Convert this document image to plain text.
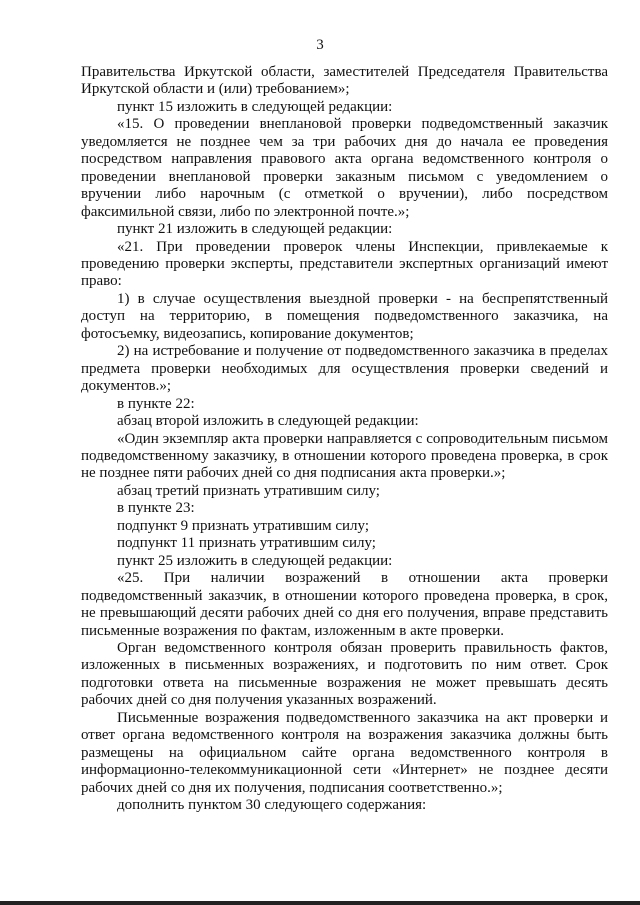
3

Правительства Иркутской области, заместителей Председателя Правительства Иркутской области и (или) требованием»;

пункт 15 изложить в следующей редакции:

«15. О проведении внеплановой проверки подведомственный заказчик уведомляется не позднее чем за три рабочих дня до начала ее проведения посредством направления правового акта органа ведомственного контроля о проведении внеплановой проверки заказным письмом с уведомлением о вручении либо нарочным (с отметкой о вручении), либо посредством факсимильной связи, либо по электронной почте.»;

пункт 21 изложить в следующей редакции:

«21. При проведении проверок члены Инспекции, привлекаемые к проведению проверки эксперты, представители экспертных организаций имеют право:

1) в случае осуществления выездной проверки - на беспрепятственный доступ на территорию, в помещения подведомственного заказчика, на фотосъемку, видеозапись, копирование документов;

2) на истребование и получение от подведомственного заказчика в пределах предмета проверки необходимых для осуществления проверки сведений и документов.»;

в пункте 22:

абзац второй изложить в следующей редакции:

«Один экземпляр акта проверки направляется с сопроводительным письмом подведомственному заказчику, в отношении которого проведена проверка, в срок не позднее пяти рабочих дней со дня подписания акта проверки.»;

абзац третий признать утратившим силу;

в пункте 23:

подпункт 9 признать утратившим силу;

подпункт 11 признать утратившим силу;

пункт 25 изложить в следующей редакции:

«25. При наличии возражений в отношении акта проверки подведомственный заказчик, в отношении которого проведена проверка, в срок, не превышающий десяти рабочих дней со дня его получения, вправе представить письменные возражения по фактам, изложенным в акте проверки.

Орган ведомственного контроля обязан проверить правильность фактов, изложенных в письменных возражениях, и подготовить по ним ответ. Срок подготовки ответа на письменные возражения не может превышать десять рабочих дней со дня получения указанных возражений.

Письменные возражения подведомственного заказчика на акт проверки и ответ органа ведомственного контроля на возражения заказчика должны быть размещены на официальном сайте органа ведомственного контроля в информационно-телекоммуникационной сети «Интернет» не позднее десяти рабочих дней со дня их получения, подписания соответственно.»;

дополнить пунктом 30 следующего содержания:
